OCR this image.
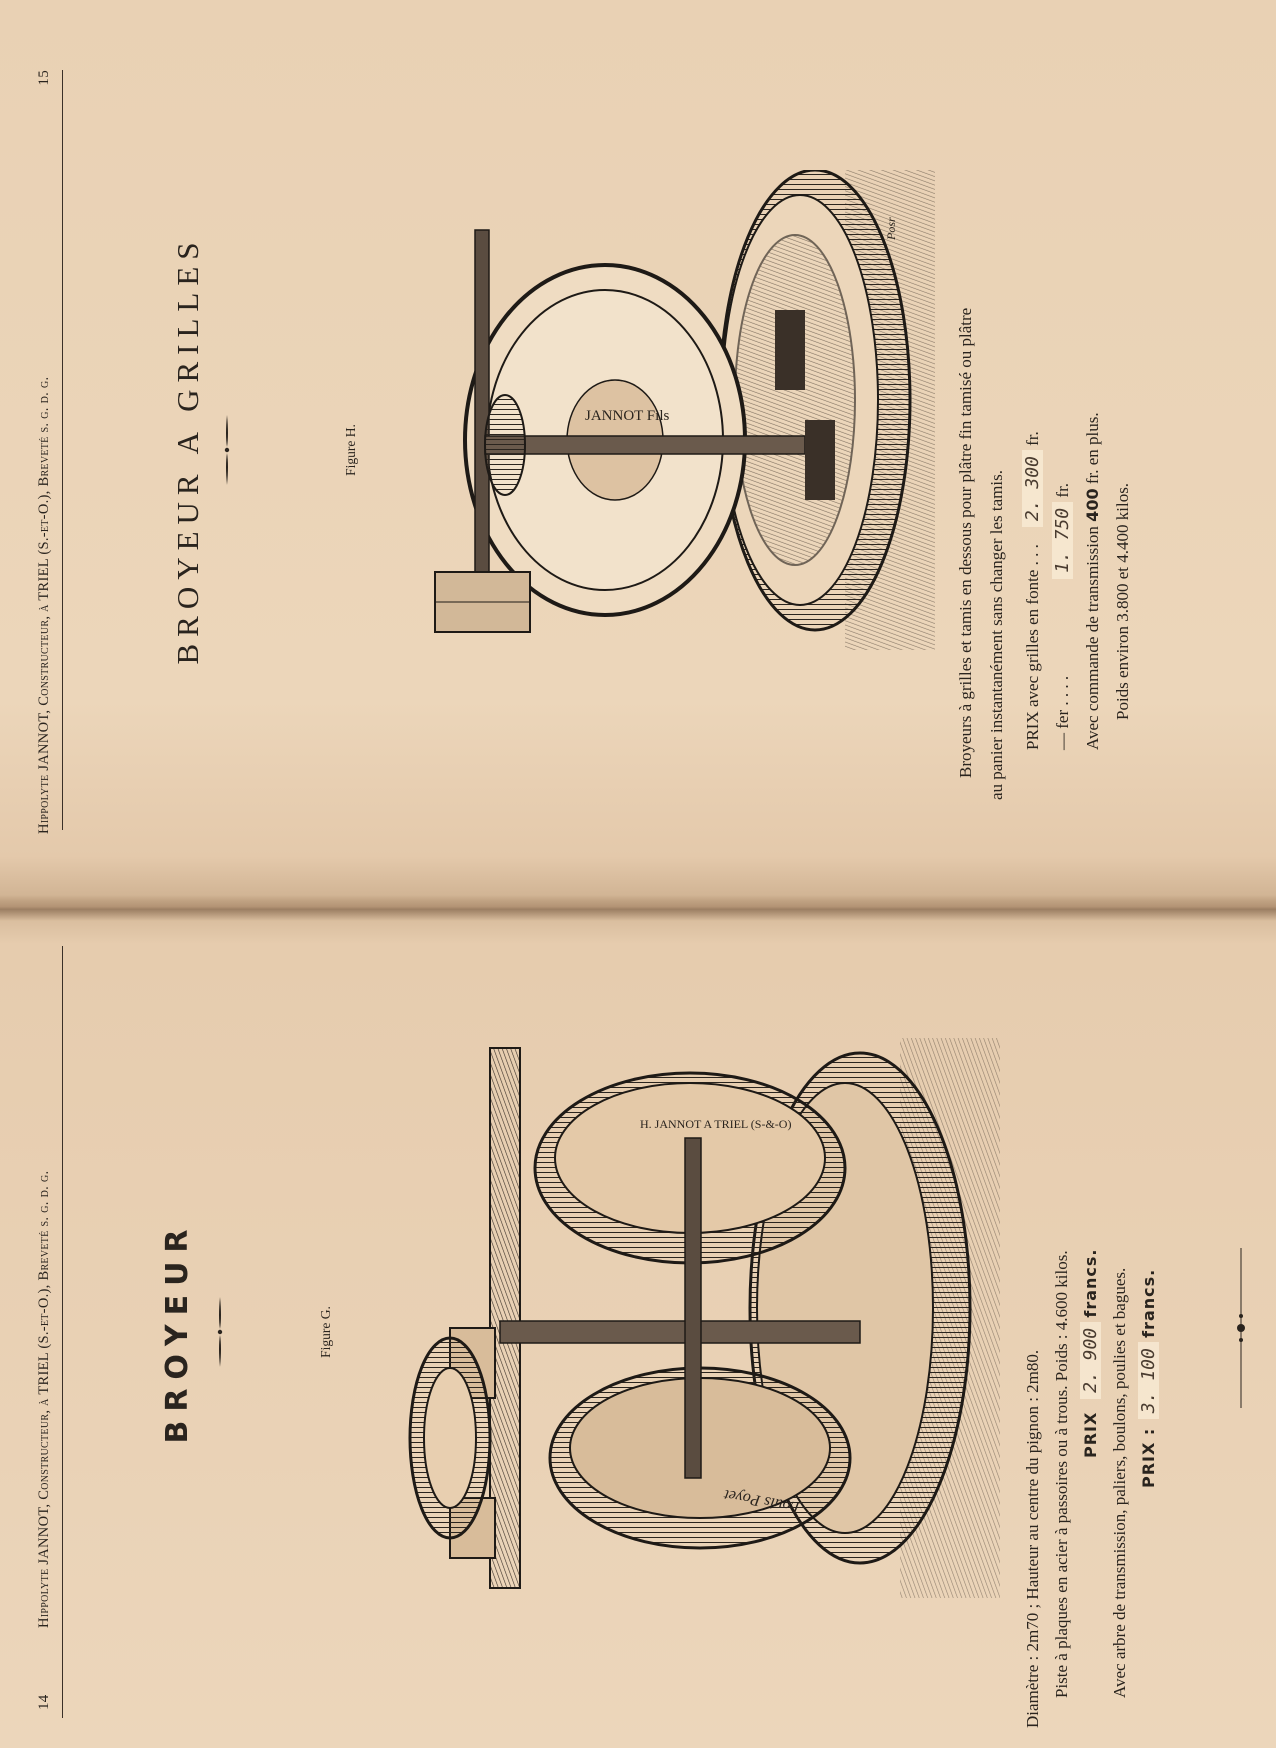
Hippolyte JANNOT, Constructeur, à TRIEL (S.-et-O.), Breveté s. g. d. g.
15
BROYEUR A GRILLES	Figure H.
JANNOT Fils
Posr
Broyeurs à grilles et tamis en dessous pour plâtre fin tamisé ou plâtre au panier instantanément sans changer les tamis.	PRIX avec grilles en fonte . . .    2. 300 fr.
— fer . . . .    1. 750 fr.
Avec commande de transmission 400 fr. en plus.
Poids environ 3.800 et 4.400 kilos.
14
Hippolyte JANNOT, Constructeur, à TRIEL (S.-et-O.), Breveté s. g. d. g.	BROYEUR	Figure G.
H. JANNOT A TRIEL (S-&-O)
Louis Poyet	Diamètre : 2m70 ; Hauteur au centre du pignon : 2m80. Piste à plaques en acier à passoires ou à trous. Poids : 4.600 kilos. PRIX   2. 900 francs. Avec arbre de transmission, paliers, boulons, poulies et bagues. PRIX :  3. 100 francs.
